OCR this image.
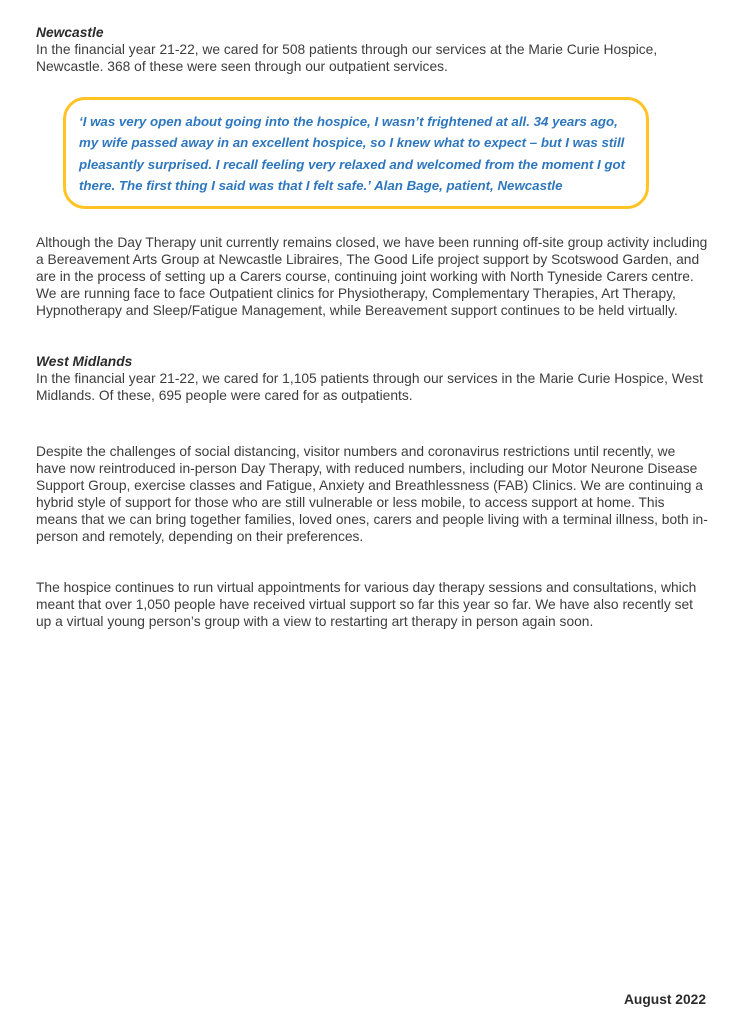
Newcastle

In the financial year 21-22, we cared for 508 patients through our services at the Marie Curie Hospice, Newcastle. 368 of these were seen through our outpatient services.

‘I was very open about going into the hospice, I wasn’t frightened at all. 34 years ago, my wife passed away in an excellent hospice, so I knew what to expect – but I was still pleasantly surprised. I recall feeling very relaxed and welcomed from the moment I got there. The first thing I said was that I felt safe.’ Alan Bage, patient, Newcastle

Although the Day Therapy unit currently remains closed, we have been running off-site group activity including a Bereavement Arts Group at Newcastle Libraires, The Good Life project support by Scotswood Garden, and are in the process of setting up a Carers course, continuing joint working with North Tyneside Carers centre. We are running face to face Outpatient clinics for Physiotherapy, Complementary Therapies, Art Therapy, Hypnotherapy and Sleep/Fatigue Management, while Bereavement support continues to be held virtually.

West Midlands

In the financial year 21-22, we cared for 1,105 patients through our services in the Marie Curie Hospice, West Midlands. Of these, 695 people were cared for as outpatients.

Despite the challenges of social distancing, visitor numbers and coronavirus restrictions until recently, we have now reintroduced in-person Day Therapy, with reduced numbers, including our Motor Neurone Disease Support Group, exercise classes and Fatigue, Anxiety and Breathlessness (FAB) Clinics. We are continuing a hybrid style of support for those who are still vulnerable or less mobile, to access support at home. This means that we can bring together families, loved ones, carers and people living with a terminal illness, both in-person and remotely, depending on their preferences.

The hospice continues to run virtual appointments for various day therapy sessions and consultations, which meant that over 1,050 people have received virtual support so far this year so far. We have also recently set up a virtual young person’s group with a view to restarting art therapy in person again soon.

August 2022
